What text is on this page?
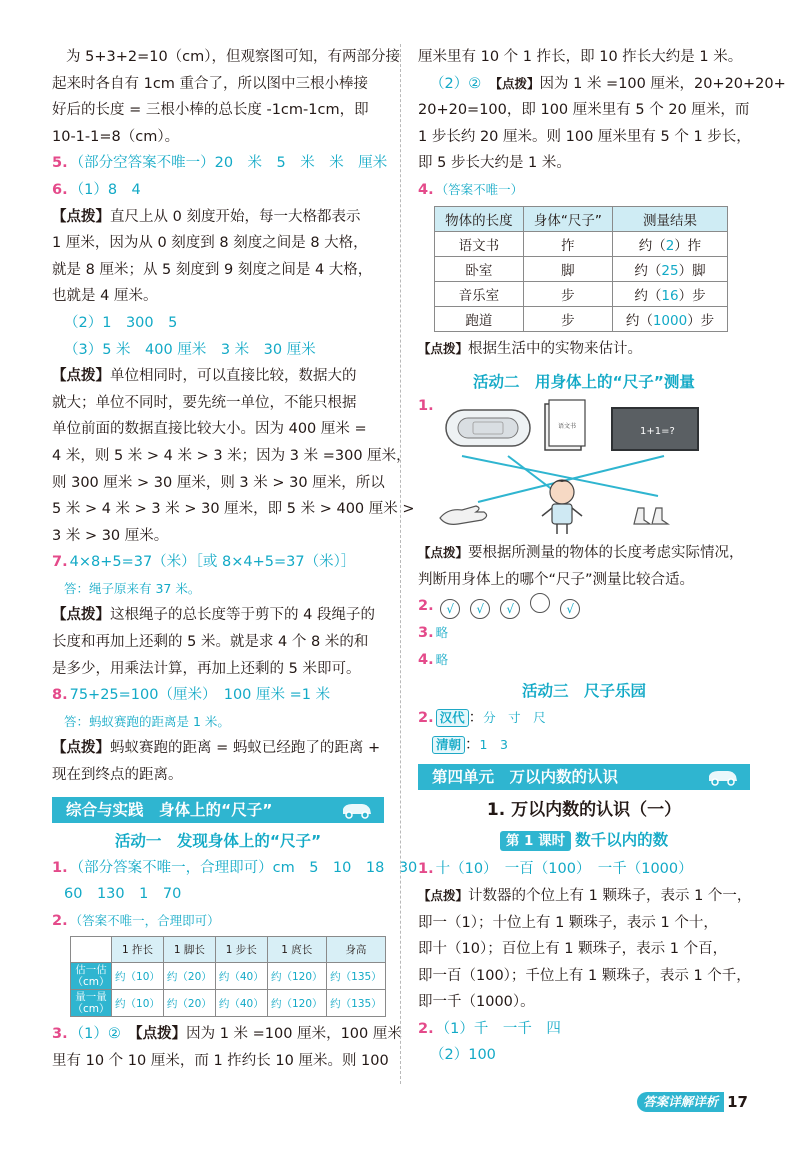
为 5+3+2=10（cm），但观察图可知，有两部分接

起来时各自有 1cm 重合了，所以图中三根小棒接

好后的长度 = 三根小棒的总长度 -1cm-1cm，即

10-1-1=8（cm）。

5. （部分空答案不唯一）20　米　5　米　米　厘米

6. （1）8　4

【点拨】直尺上从 0 刻度开始，每一大格都表示

1 厘米，因为从 0 刻度到 8 刻度之间是 8 大格，

就是 8 厘米；从 5 刻度到 9 刻度之间是 4 大格，

也就是 4 厘米。

（2）1　300　5

（3）5 米　400 厘米　3 米　30 厘米

【点拨】单位相同时，可以直接比较，数据大的

就大；单位不同时，要先统一单位，不能只根据

单位前面的数据直接比较大小。因为 400 厘米 =

4 米，则 5 米 > 4 米 > 3 米；因为 3 米 =300 厘米，

则 300 厘米 > 30 厘米，则 3 米 > 30 厘米，所以

5 米 > 4 米 > 3 米 > 30 厘米，即 5 米 > 400 厘米 >

3 米 > 30 厘米。

7. 4×8+5=37（米）［或 8×4+5=37（米）］

答：绳子原来有 37 米。

【点拨】这根绳子的总长度等于剪下的 4 段绳子的

长度和再加上还剩的 5 米。就是求 4 个 8 米的和

是多少，用乘法计算，再加上还剩的 5 米即可。

8. 75+25=100（厘米）　100 厘米 =1 米

答：蚂蚁赛跑的距离是 1 米。

【点拨】蚂蚁赛跑的距离 = 蚂蚁已经跑了的距离 +

现在到终点的距离。

综合与实践　身体上的“尺子”

活动一　发现身体上的“尺子”

1. （部分答案不唯一，合理即可）cm　5　10　18　30

60　130　1　70

2. （答案不唯一，合理即可）

	1 拃长	1 脚长	1 步长	1 庹长	身高
估一估（cm）	约（10）	约（20）	约（40）	约（120）	约（135）
量一量（cm）	约（10）	约（20）	约（40）	约（120）	约（135）

3. （1）②　 【点拨】因为 1 米 =100 厘米，100 厘米

里有 10 个 10 厘米，而 1 拃约长 10 厘米。则 100

厘米里有 10 个 1 拃长，即 10 拃长大约是 1 米。

（2）②　 【点拨】因为 1 米 =100 厘米，20+20+20+

20+20=100，即 100 厘米里有 5 个 20 厘米，而

1 步长约 20 厘米。则 100 厘米里有 5 个 1 步长，

即 5 步长大约是 1 米。

4. （答案不唯一）

物体的长度	身体“尺子”	测量结果
语文书	拃	约（2）拃
卧室	脚	约（25）脚
音乐室	步	约（16）步
跑道	步	约（1000）步

【点拨】根据生活中的实物来估计。

活动二　用身体上的“尺子”测量

1.
语文书	1+1=?

【点拨】要根据所测量的物体的长度考虑实际情况，

判断用身体上的哪个“尺子”测量比较合适。

2. √ √ √	√

3. 略

4. 略

活动三　尺子乐园

2. 汉代 ：分　寸　尺

清朝 ：1　3

第四单元　万以内数的认识

1. 万以内数的认识（一）

第 1 课时 数千以内的数

1. 十（10）　一百（100）　一千（1000）

【点拨】计数器的个位上有 1 颗珠子，表示 1 个一，

即一（1）；十位上有 1 颗珠子，表示 1 个十，

即十（10）；百位上有 1 颗珠子，表示 1 个百，

即一百（100）；千位上有 1 颗珠子，表示 1 个千，

即一千（1000）。

2. （1）千　一千　四

（2）100

答案详解详析 17
